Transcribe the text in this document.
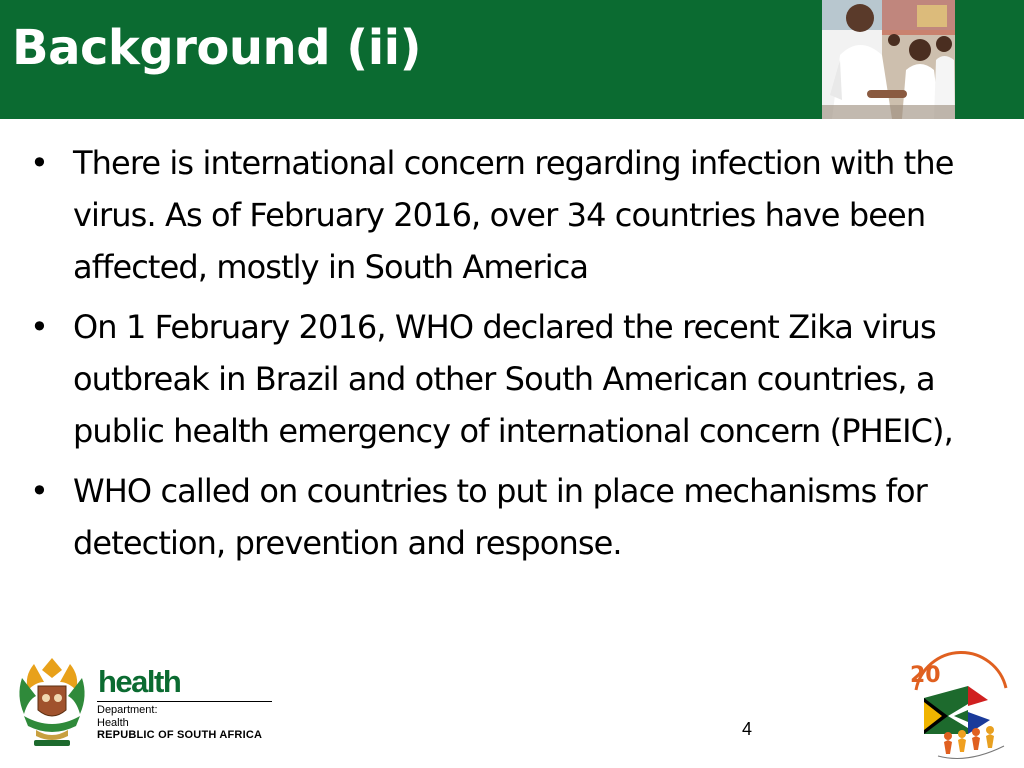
Background (ii)
• There is international concern regarding infection with the virus. As of February 2016, over 34 countries have been affected, mostly in South America
• On 1 February 2016, WHO declared the recent Zika virus outbreak in Brazil and other South American countries, a public health emergency of international concern (PHEIC),
• WHO called on countries to put in place mechanisms for detection, prevention and response.
health
Department:
Health
REPUBLIC OF SOUTH AFRICA	4
20
